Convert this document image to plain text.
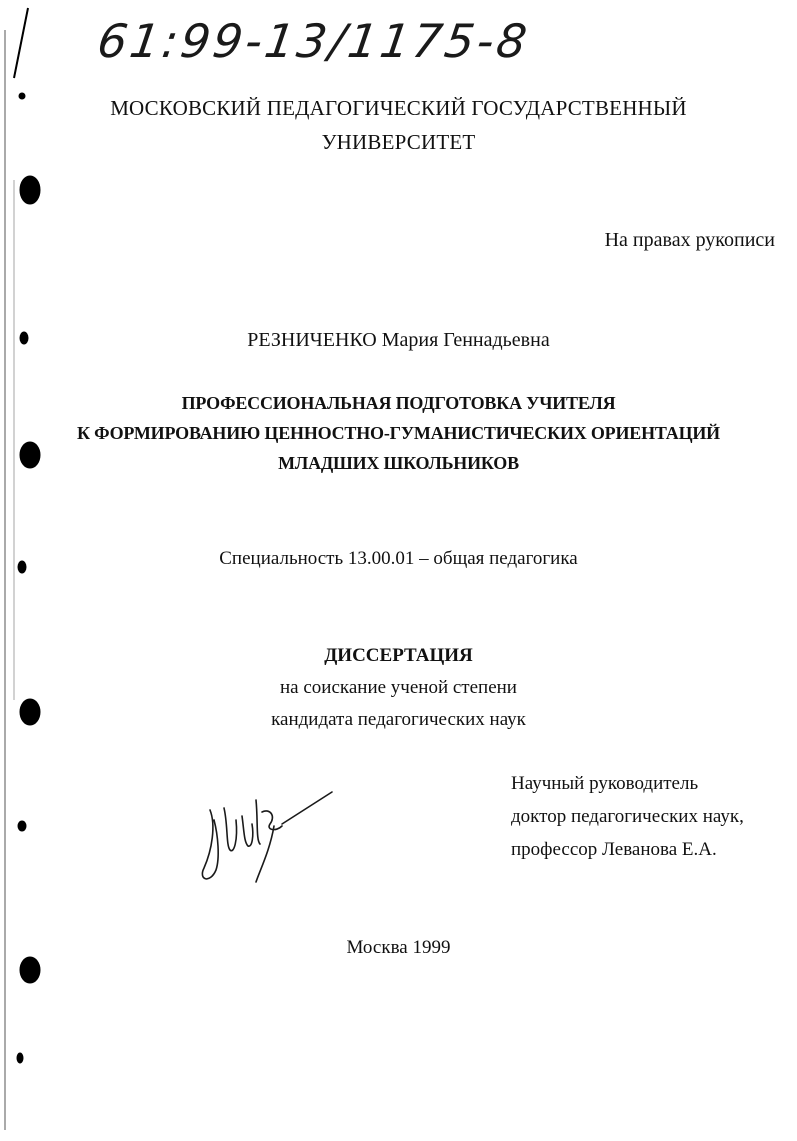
61:99-13/1175-8
МОСКОВСКИЙ ПЕДАГОГИЧЕСКИЙ ГОСУДАРСТВЕННЫЙ
УНИВЕРСИТЕТ
На правах рукописи
РЕЗНИЧЕНКО Мария Геннадьевна
ПРОФЕССИОНАЛЬНАЯ ПОДГОТОВКА УЧИТЕЛЯ
К ФОРМИРОВАНИЮ ЦЕННОСТНО-ГУМАНИСТИЧЕСКИХ ОРИЕНТАЦИЙ
МЛАДШИХ ШКОЛЬНИКОВ
Специальность 13.00.01 – общая педагогика
ДИССЕРТАЦИЯ
на соискание ученой степени
кандидата педагогических наук
Научный руководитель
доктор педагогических наук,
профессор Леванова Е.А.
Москва 1999
